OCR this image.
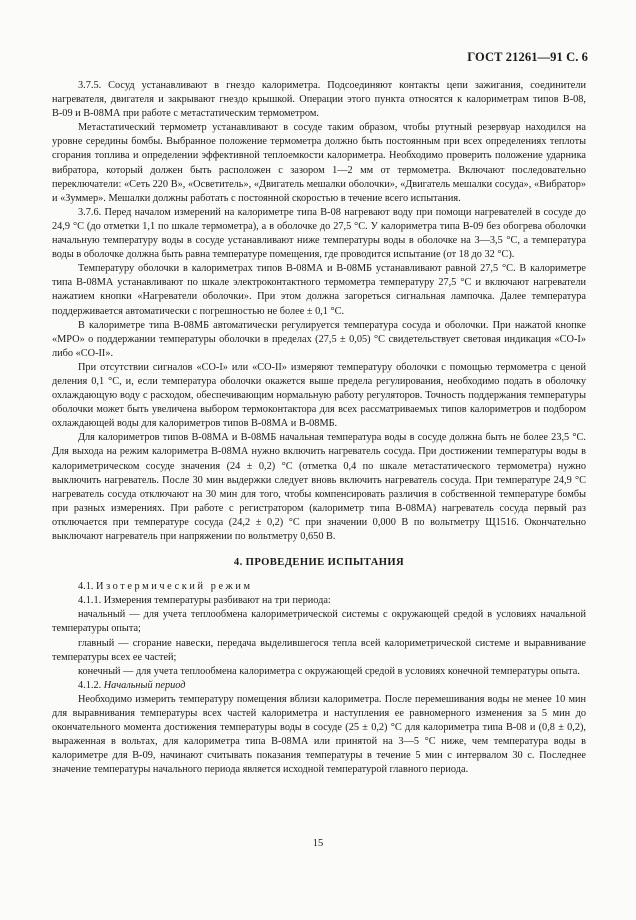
ГОСТ 21261—91 С. 6

3.7.5. Сосуд устанавливают в гнездо калориметра. Подсоединяют контакты цепи зажигания, соединители нагревателя, двигателя и закрывают гнездо крышкой. Операции этого пункта относятся к калориметрам типов В-08, В-09 и В-08МА при работе с метастатическим термометром.

Метастатический термометр устанавливают в сосуде таким образом, чтобы ртутный резервуар находился на уровне середины бомбы. Выбранное положение термометра должно быть постоянным при всех определениях теплоты сгорания топлива и определении эффективной теплоемкости калориметра. Необходимо проверить положение ударника вибратора, который должен быть расположен с зазором 1—2 мм от термометра. Включают последовательно переключатели: «Сеть 220 В», «Осветитель», «Двигатель мешалки оболочки», «Двигатель мешалки сосуда», «Вибратор» и «Зуммер». Мешалки должны работать с постоянной скоростью в течение всего испытания.

3.7.6. Перед началом измерений на калориметре типа В-08 нагревают воду при помощи нагревателей в сосуде до 24,9 °С (до отметки 1,1 по шкале термометра), а в оболочке до 27,5 °С. У калориметра типа В-09 без обогрева оболочки начальную температуру воды в сосуде устанавливают ниже температуры воды в оболочке на 3—3,5 °С, а температура воды в оболочке должна быть равна температуре помещения, где проводится испытание (от 18 до 32 °С).

Температуру оболочки в калориметрах типов В-08МА и В-08МБ устанавливают равной 27,5 °С. В калориметре типа В-08МА устанавливают по шкале электроконтактного термометра температуру 27,5 °С и включают нагреватели нажатием кнопки «Нагреватели оболочки». При этом должна загореться сигнальная лампочка. Далее температура поддерживается автоматически с погрешностью не более ± 0,1 °С.

В калориметре типа В-08МБ автоматически регулируется температура сосуда и оболочки. При нажатой кнопке «МРО» о поддержании температуры оболочки в пределах (27,5 ± 0,05) °С свидетельствует световая индикация «СО-I» либо «СО-II».

При отсутствии сигналов «СО-I» или «СО-II» измеряют температуру оболочки с помощью термометра с ценой деления 0,1 °С, и, если температура оболочки окажется выше предела регулирования, необходимо подать в оболочку охлаждающую воду с расходом, обеспечивающим нормальную работу регуляторов. Точность поддержания температуры оболочки может быть увеличена выбором термоконтактора для всех рассматриваемых типов калориметров и подбором охлаждающей воды для калориметров типов В-08МА и В-08МБ.

Для калориметров типов В-08МА и В-08МБ начальная температура воды в сосуде должна быть не более 23,5 °С. Для выхода на режим калориметра В-08МА нужно включить нагреватель сосуда. При достижении температуры воды в калориметрическом сосуде значения (24 ± 0,2) °С (отметка 0,4 по шкале метастатического термометра) нужно выключить нагреватель. После 30 мин выдержки следует вновь включить нагреватель сосуда. При температуре 24,9 °С нагреватель сосуда отключают на 30 мин для того, чтобы компенсировать различия в собственной температуре бомбы при разных измерениях. При работе с регистратором (калориметр типа В-08МА) нагреватель сосуда первый раз отключается при температуре сосуда (24,2 ± 0,2) °С при значении 0,000 В по вольтметру Щ1516. Окончательно выключают нагреватель при напряжении по вольтметру 0,650 В.

4. ПРОВЕДЕНИЕ ИСПЫТАНИЯ

4.1. Изотермический режим

4.1.1. Измерения температуры разбивают на три периода:

начальный — для учета теплообмена калориметрической системы с окружающей средой в условиях начальной температуры опыта;

главный — сгорание навески, передача выделившегося тепла всей калориметрической системе и выравнивание температуры всех ее частей;

конечный — для учета теплообмена калориметра с окружающей средой в условиях конечной температуры опыта.

4.1.2. Начальный период

Необходимо измерить температуру помещения вблизи калориметра. После перемешивания воды не менее 10 мин для выравнивания температуры всех частей калориметра и наступления ее равномерного изменения за 5 мин до окончательного момента достижения температуры воды в сосуде (25 ± 0,2) °С для калориметра типа В-08 и (0,8 ± 0,2), выраженная в вольтах, для калориметра типа В-08МА или принятой на 3—5 °С ниже, чем температура воды в калориметре для В-09, начинают считывать показания температуры в течение 5 мин с интервалом 30 с. Последнее значение температуры начального периода является исходной температурой главного периода.

15
